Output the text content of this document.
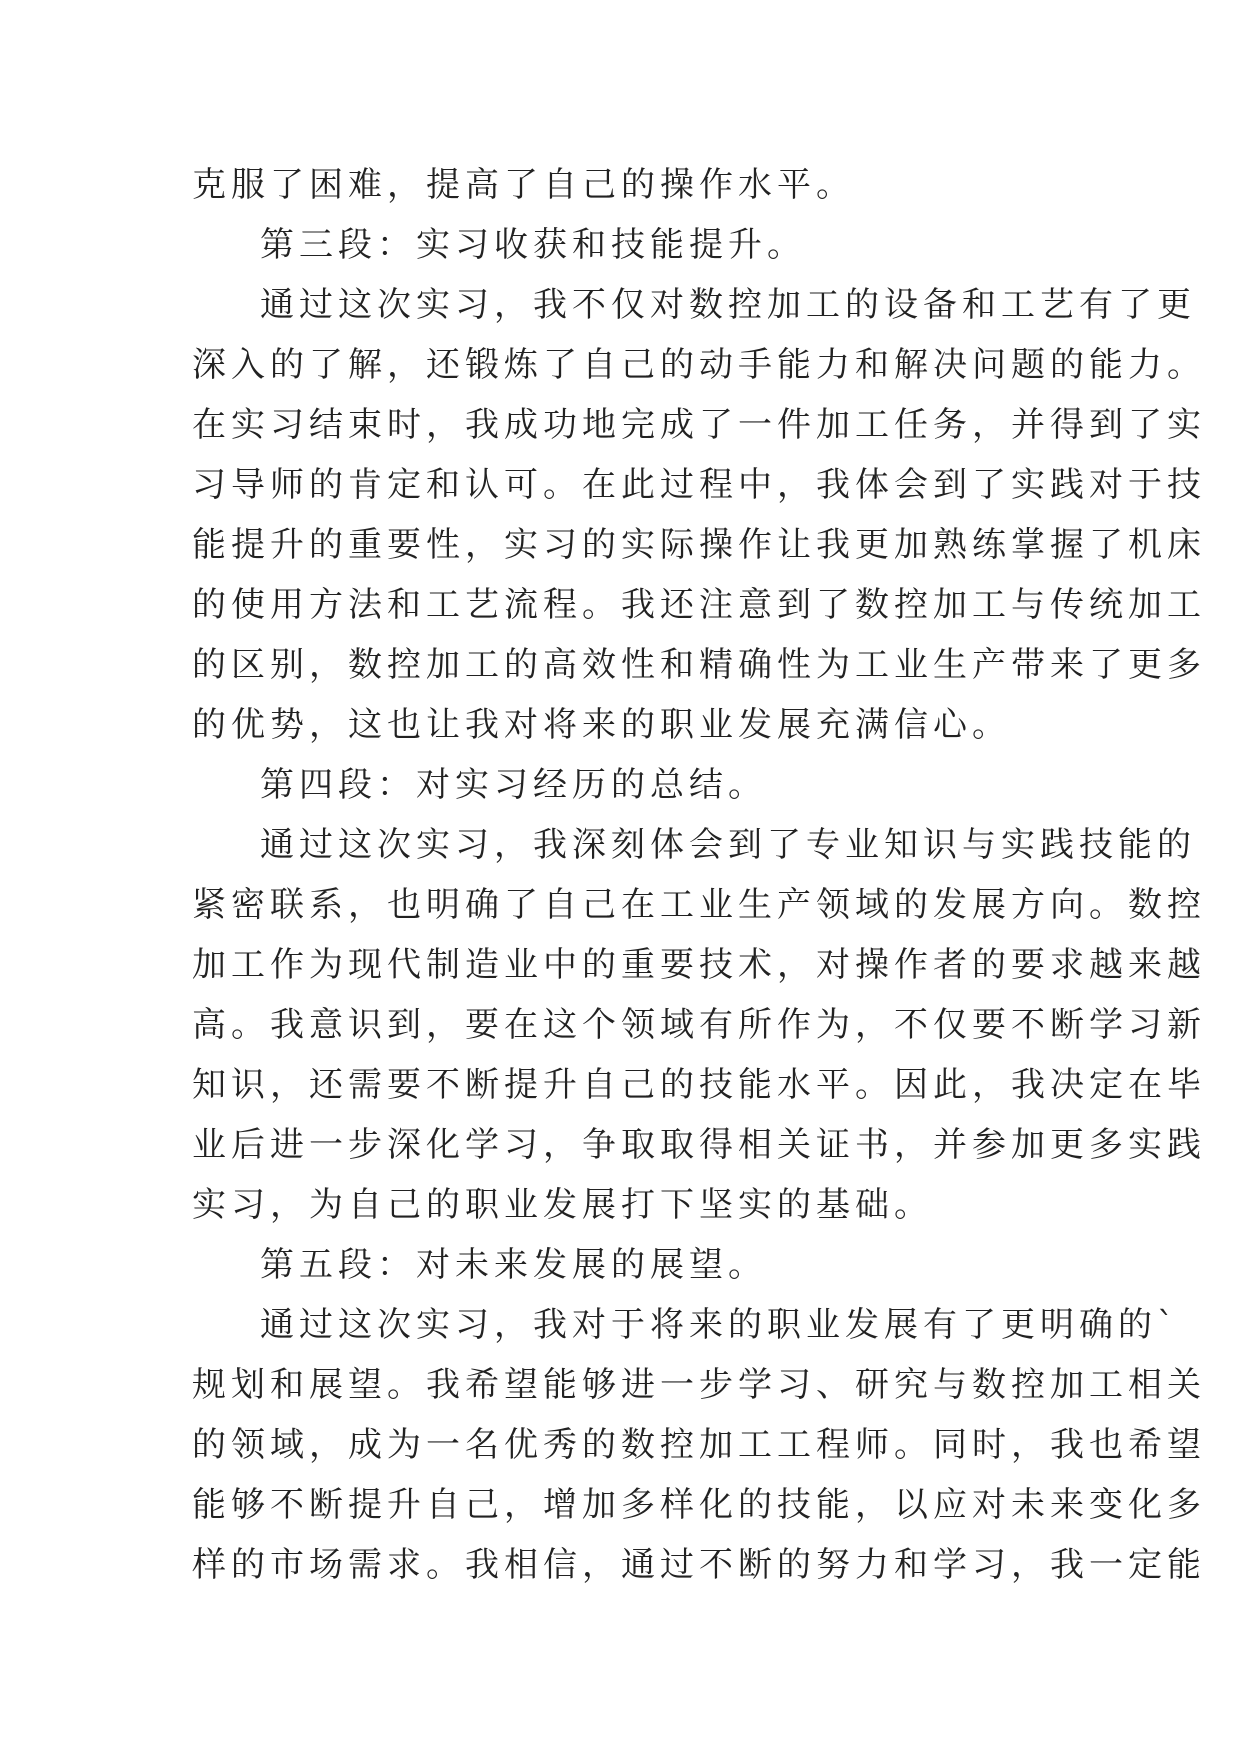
克服了困难，提高了自己的操作水平。
第三段：实习收获和技能提升。
通过这次实习，我不仅对数控加工的设备和工艺有了更
深入的了解，还锻炼了自己的动手能力和解决问题的能力。
在实习结束时，我成功地完成了一件加工任务，并得到了实
习导师的肯定和认可。在此过程中，我体会到了实践对于技
能提升的重要性，实习的实际操作让我更加熟练掌握了机床
的使用方法和工艺流程。我还注意到了数控加工与传统加工
的区别，数控加工的高效性和精确性为工业生产带来了更多
的优势，这也让我对将来的职业发展充满信心。
第四段：对实习经历的总结。
通过这次实习，我深刻体会到了专业知识与实践技能的
紧密联系，也明确了自己在工业生产领域的发展方向。数控
加工作为现代制造业中的重要技术，对操作者的要求越来越
高。我意识到，要在这个领域有所作为，不仅要不断学习新
知识，还需要不断提升自己的技能水平。因此，我决定在毕
业后进一步深化学习，争取取得相关证书，并参加更多实践
实习，为自己的职业发展打下坚实的基础。
第五段：对未来发展的展望。
通过这次实习，我对于将来的职业发展有了更明确的`
规划和展望。我希望能够进一步学习、研究与数控加工相关
的领域，成为一名优秀的数控加工工程师。同时，我也希望
能够不断提升自己，增加多样化的技能，以应对未来变化多
样的市场需求。我相信，通过不断的努力和学习，我一定能
